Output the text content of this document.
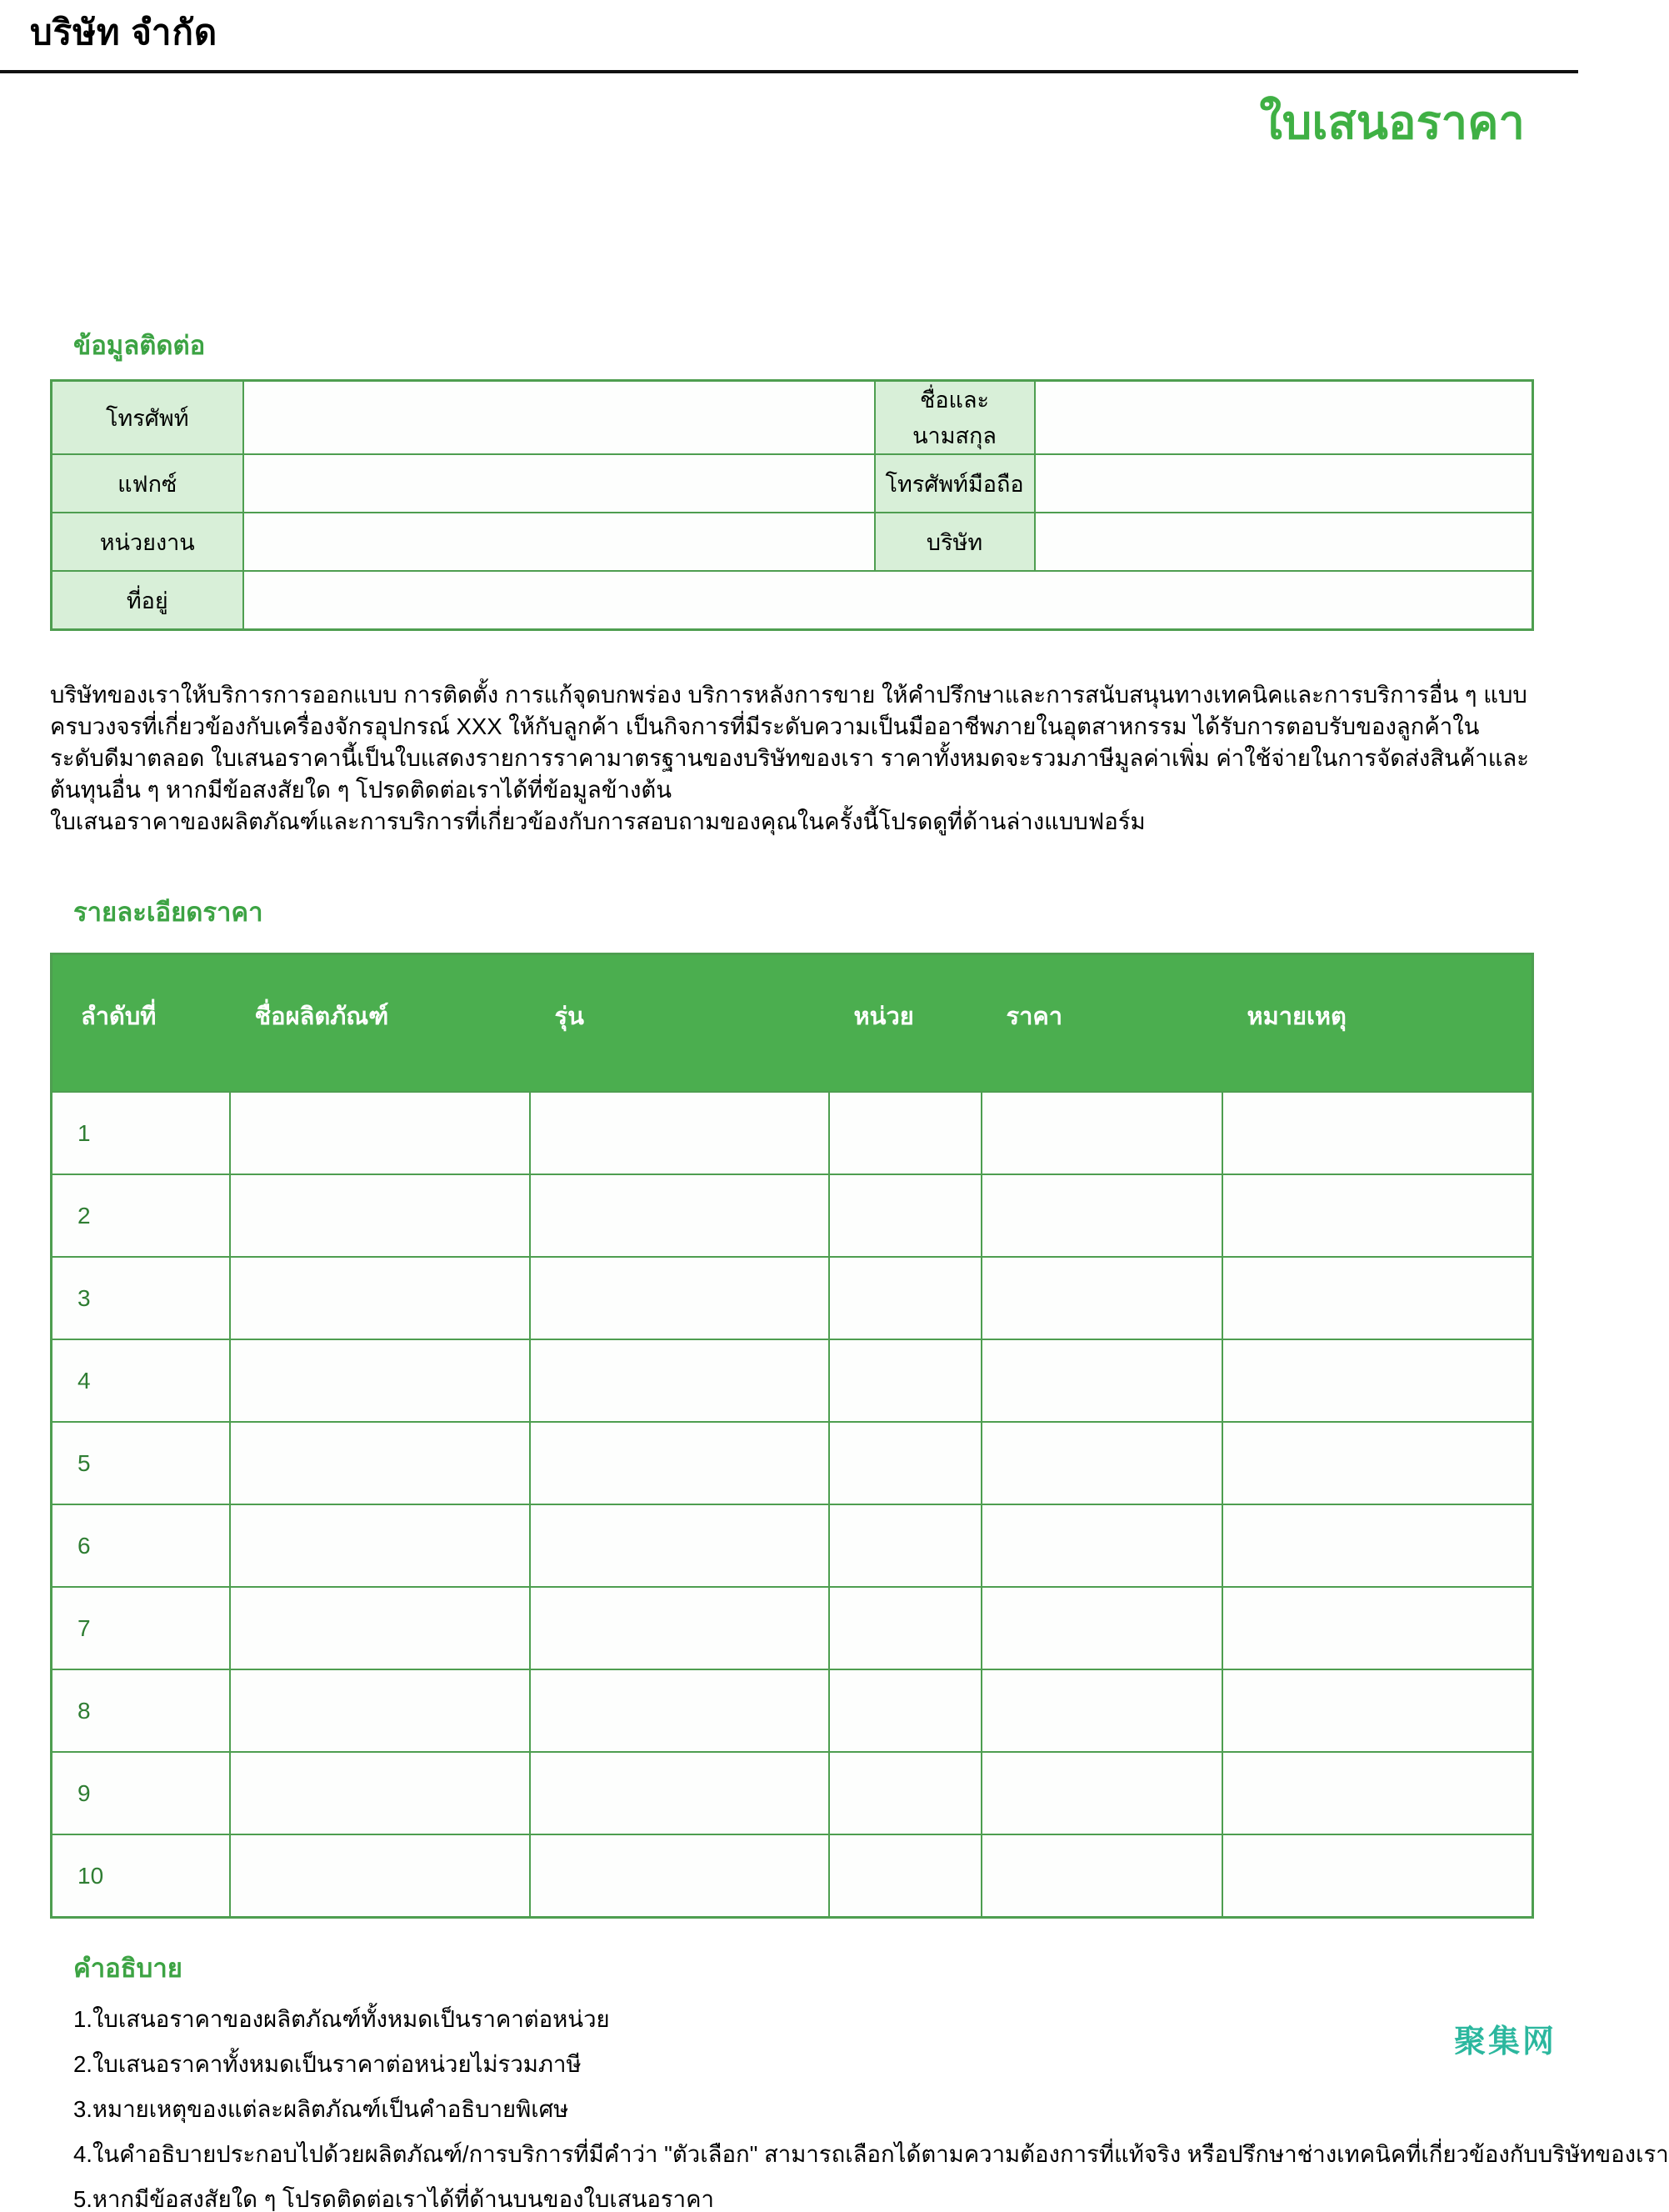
บริษัท จำกัด
ใบเสนอราคา
ข้อมูลติดต่อ
โทรศัพท์		ชื่อและนามสกุล	
แฟกซ์		โทรศัพท์มือถือ	
หน่วยงาน		บริษัท	
ที่อยู่			

บริษัทของเราให้บริการการออกแบบ การติดตั้ง การแก้จุดบกพร่อง บริการหลังการขาย ให้คำปรึกษาและการสนับสนุนทางเทคนิคและการบริการอื่น ๆ แบบครบวงจรที่เกี่ยวข้องกับเครื่องจักรอุปกรณ์ XXX ให้กับลูกค้า เป็นกิจการที่มีระดับความเป็นมืออาชีพภายในอุตสาหกรรม ได้รับการตอบรับของลูกค้าในระดับดีมาตลอด ใบเสนอราคานี้เป็นใบแสดงรายการราคามาตรฐานของบริษัทของเรา ราคาทั้งหมดจะรวมภาษีมูลค่าเพิ่ม ค่าใช้จ่ายในการจัดส่งสินค้าและต้นทุนอื่น ๆ หากมีข้อสงสัยใด ๆ โปรดติดต่อเราได้ที่ข้อมูลข้างต้น

ใบเสนอราคาของผลิตภัณฑ์และการบริการที่เกี่ยวข้องกับการสอบถามของคุณในครั้งนี้โปรดดูที่ด้านล่างแบบฟอร์ม

รายละเอียดราคา
ลำดับที่	ชื่อผลิตภัณฑ์	รุ่น	หน่วย	ราคา	หมายเหตุ
1					
2					
3					
4					
5					
6					
7					
8					
9					
10					
คำอธิบาย
1.ใบเสนอราคาของผลิตภัณฑ์ทั้งหมดเป็นราคาต่อหน่วย
2.ใบเสนอราคาทั้งหมดเป็นราคาต่อหน่วยไม่รวมภาษี
3.หมายเหตุของแต่ละผลิตภัณฑ์เป็นคำอธิบายพิเศษ
4.ในคำอธิบายประกอบไปด้วยผลิตภัณฑ์/การบริการที่มีคำว่า "ตัวเลือก" สามารถเลือกได้ตามความต้องการที่แท้จริง หรือปรึกษาช่างเทคนิคที่เกี่ยวข้องกับบริษัทของเรา
5.หากมีข้อสงสัยใด ๆ โปรดติดต่อเราได้ที่ด้านบนของใบเสนอราคา
聚集网
